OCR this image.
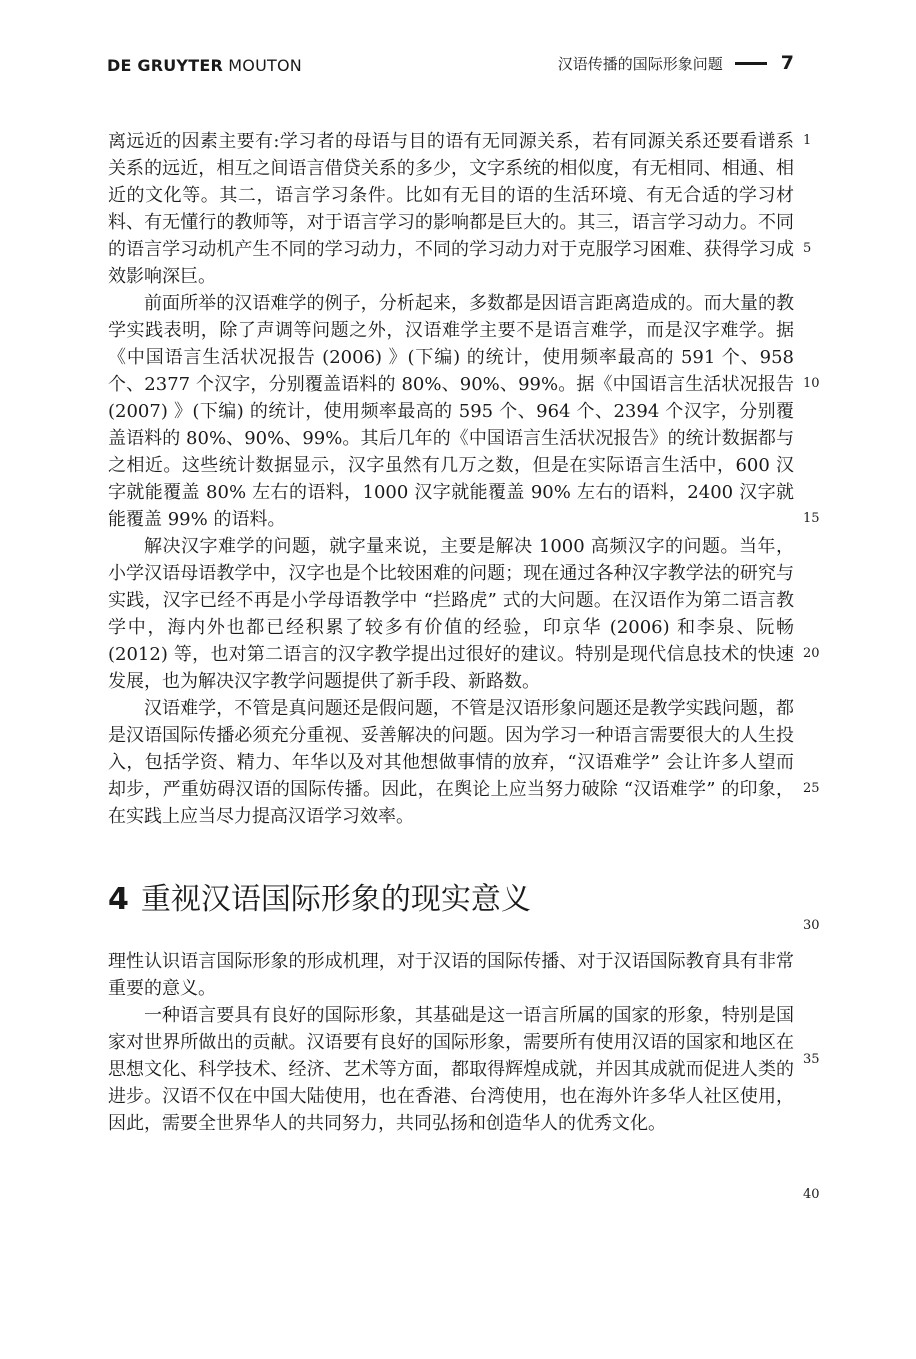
DE GRUYTER MOUTON	汉语传播的国际形象问题	7

离远近的因素主要有:学习者的母语与目的语有无同源关系，若有同源关系还要看谱系关系的远近，相互之间语言借贷关系的多少，文字系统的相似度，有无相同、相通、相近的文化等。其二，语言学习条件。比如有无目的语的生活环境、有无合适的学习材料、有无懂行的教师等，对于语言学习的影响都是巨大的。其三，语言学习动力。不同的语言学习动机产生不同的学习动力，不同的学习动力对于克服学习困难、获得学习成效影响深巨。

前面所举的汉语难学的例子，分析起来，多数都是因语言距离造成的。而大量的教学实践表明，除了声调等问题之外，汉语难学主要不是语言难学，而是汉字难学。据《中国语言生活状况报告 (2006) 》(下编) 的统计，使用频率最高的 591 个、958 个、2377 个汉字，分别覆盖语料的 80%、90%、99%。据《中国语言生活状况报告 (2007) 》(下编) 的统计，使用频率最高的 595 个、964 个、2394 个汉字，分别覆盖语料的 80%、90%、99%。其后几年的《中国语言生活状况报告》的统计数据都与之相近。这些统计数据显示，汉字虽然有几万之数，但是在实际语言生活中，600 汉字就能覆盖 80% 左右的语料，1000 汉字就能覆盖 90% 左右的语料，2400 汉字就能覆盖 99% 的语料。

解决汉字难学的问题，就字量来说，主要是解决 1000 高频汉字的问题。当年，小学汉语母语教学中，汉字也是个比较困难的问题；现在通过各种汉字教学法的研究与实践，汉字已经不再是小学母语教学中 “拦路虎” 式的大问题。在汉语作为第二语言教学中，海内外也都已经积累了较多有价值的经验，印京华 (2006) 和李泉、阮畅 (2012) 等，也对第二语言的汉字教学提出过很好的建议。特别是现代信息技术的快速发展，也为解决汉字教学问题提供了新手段、新路数。

汉语难学，不管是真问题还是假问题，不管是汉语形象问题还是教学实践问题，都是汉语国际传播必须充分重视、妥善解决的问题。因为学习一种语言需要很大的人生投入，包括学资、精力、年华以及对其他想做事情的放弃，“汉语难学” 会让许多人望而却步，严重妨碍汉语的国际传播。因此，在舆论上应当努力破除 “汉语难学” 的印象，在实践上应当尽力提高汉语学习效率。

4 重视汉语国际形象的现实意义

理性认识语言国际形象的形成机理，对于汉语的国际传播、对于汉语国际教育具有非常重要的意义。

一种语言要具有良好的国际形象，其基础是这一语言所属的国家的形象，特别是国家对世界所做出的贡献。汉语要有良好的国际形象，需要所有使用汉语的国家和地区在思想文化、科学技术、经济、艺术等方面，都取得辉煌成就，并因其成就而促进人类的进步。汉语不仅在中国大陆使用，也在香港、台湾使用，也在海外许多华人社区使用，因此，需要全世界华人的共同努力，共同弘扬和创造华人的优秀文化。

1
5
10
15
20
25
30
35
40
